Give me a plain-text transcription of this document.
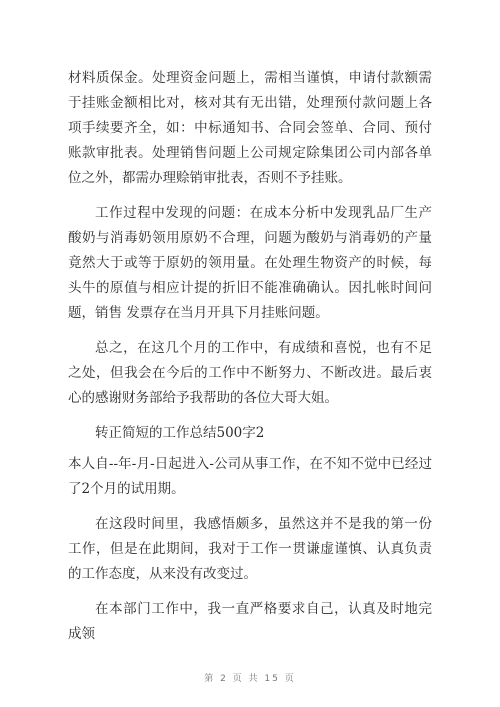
材料质保金。处理资金问题上，需相当谨慎，申请付款额需于挂账金额相比对，核对其有无出错，处理预付款问题上各项手续要齐全，如：中标通知书、合同会签单、合同、预付账款审批表。处理销售问题上公司规定除集团公司内部各单位之外，都需办理赊销审批表，否则不予挂账。

工作过程中发现的问题：在成本分析中发现乳品厂生产酸奶与消毒奶领用原奶不合理，问题为酸奶与消毒奶的产量竟然大于或等于原奶的领用量。在处理生物资产的时候，每头牛的原值与相应计提的折旧不能准确确认。因扎帐时间问题，销售 发票存在当月开具下月挂账问题。

总之，在这几个月的工作中，有成绩和喜悦，也有不足之处，但我会在今后的工作中不断努力、不断改进。最后衷心的感谢财务部给予我帮助的各位大哥大姐。

转正简短的工作总结500字2

本人自--年-月-日起进入-公司从事工作，在不知不觉中已经过了2个月的试用期。

在这段时间里，我感悟颇多，虽然这并不是我的第一份工作，但是在此期间，我对于工作一贯谦虚谨慎、认真负责的工作态度，从来没有改变过。

在本部门工作中，我一直严格要求自己，认真及时地完成领

第 2 页 共 15 页
